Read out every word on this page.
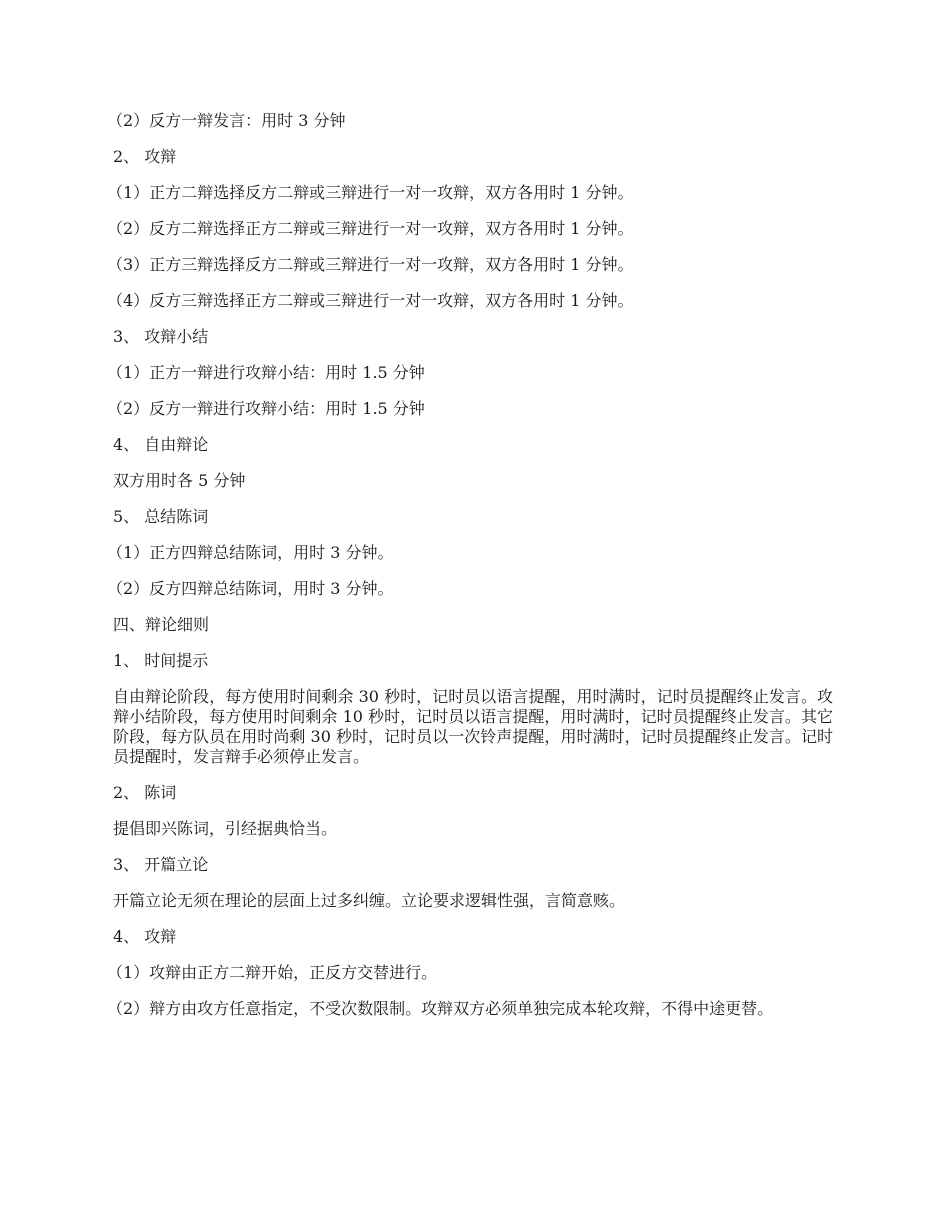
（2）反方一辩发言：用时 3 分钟

2、 攻辩

（1）正方二辩选择反方二辩或三辩进行一对一攻辩，双方各用时 1 分钟。

（2）反方二辩选择正方二辩或三辩进行一对一攻辩，双方各用时 1 分钟。

（3）正方三辩选择反方二辩或三辩进行一对一攻辩，双方各用时 1 分钟。

（4）反方三辩选择正方二辩或三辩进行一对一攻辩，双方各用时 1 分钟。

3、 攻辩小结

（1）正方一辩进行攻辩小结：用时 1.5 分钟

（2）反方一辩进行攻辩小结：用时 1.5 分钟

4、 自由辩论

双方用时各 5 分钟

5、 总结陈词

（1）正方四辩总结陈词，用时 3 分钟。

（2）反方四辩总结陈词，用时 3 分钟。

四、辩论细则

1、 时间提示

自由辩论阶段，每方使用时间剩余 30 秒时，记时员以语言提醒，用时满时，记时员提醒终止发言。攻辩小结阶段，每方使用时间剩余 10 秒时，记时员以语言提醒，用时满时，记时员提醒终止发言。其它阶段，每方队员在用时尚剩 30 秒时，记时员以一次铃声提醒，用时满时，记时员提醒终止发言。记时员提醒时，发言辩手必须停止发言。

2、 陈词

提倡即兴陈词，引经据典恰当。

3、 开篇立论

开篇立论无须在理论的层面上过多纠缠。立论要求逻辑性强，言简意赅。

4、 攻辩

（1）攻辩由正方二辩开始，正反方交替进行。

（2）辩方由攻方任意指定，不受次数限制。攻辩双方必须单独完成本轮攻辩，不得中途更替。
